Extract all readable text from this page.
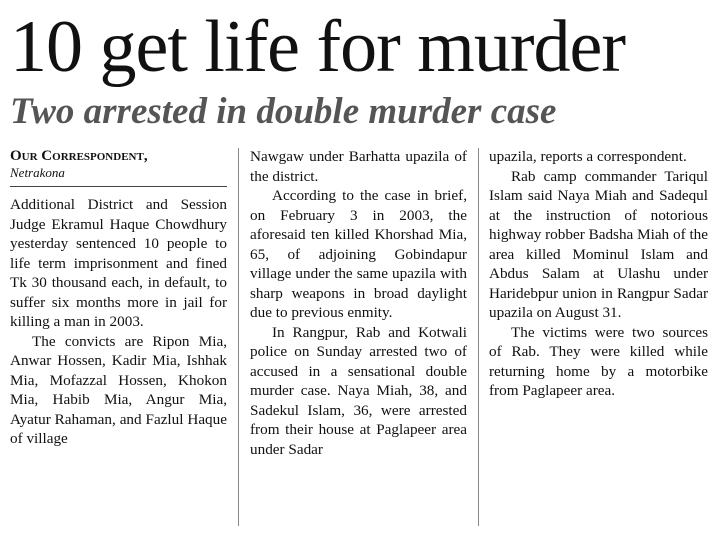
10 get life for murder
Two arrested in double murder case
Our Correspondent,
Netrakona

Additional District and Session Judge Ekramul Haque Chowdhury yesterday sentenced 10 people to life term imprisonment and fined Tk 30 thousand each, in default, to suffer six months more in jail for killing a man in 2003.

The convicts are Ripon Mia, Anwar Hossen, Kadir Mia, Ishhak Mia, Mofazzal Hossen, Khokon Mia, Habib Mia, Angur Mia, Ayatur Rahaman, and Fazlul Haque of village

Nawgaw under Barhatta upazila of the district.

According to the case in brief, on February 3 in 2003, the aforesaid ten killed Khorshad Mia, 65, of adjoining Gobindapur village under the same upazila with sharp weapons in broad daylight due to previous enmity.

In Rangpur, Rab and Kotwali police on Sunday arrested two of accused in a sensational double murder case. Naya Miah, 38, and Sadekul Islam, 36, were arrested from their house at Paglapeer area under Sadar

upazila, reports a correspondent.

Rab camp commander Tariqul Islam said Naya Miah and Sadequl at the instruction of notorious highway robber Badsha Miah of the area killed Mominul Islam and Abdus Salam at Ulashu under Haridebpur union in Rangpur Sadar upazila on August 31.

The victims were two sources of Rab. They were killed while returning home by a motorbike from Paglapeer area.
